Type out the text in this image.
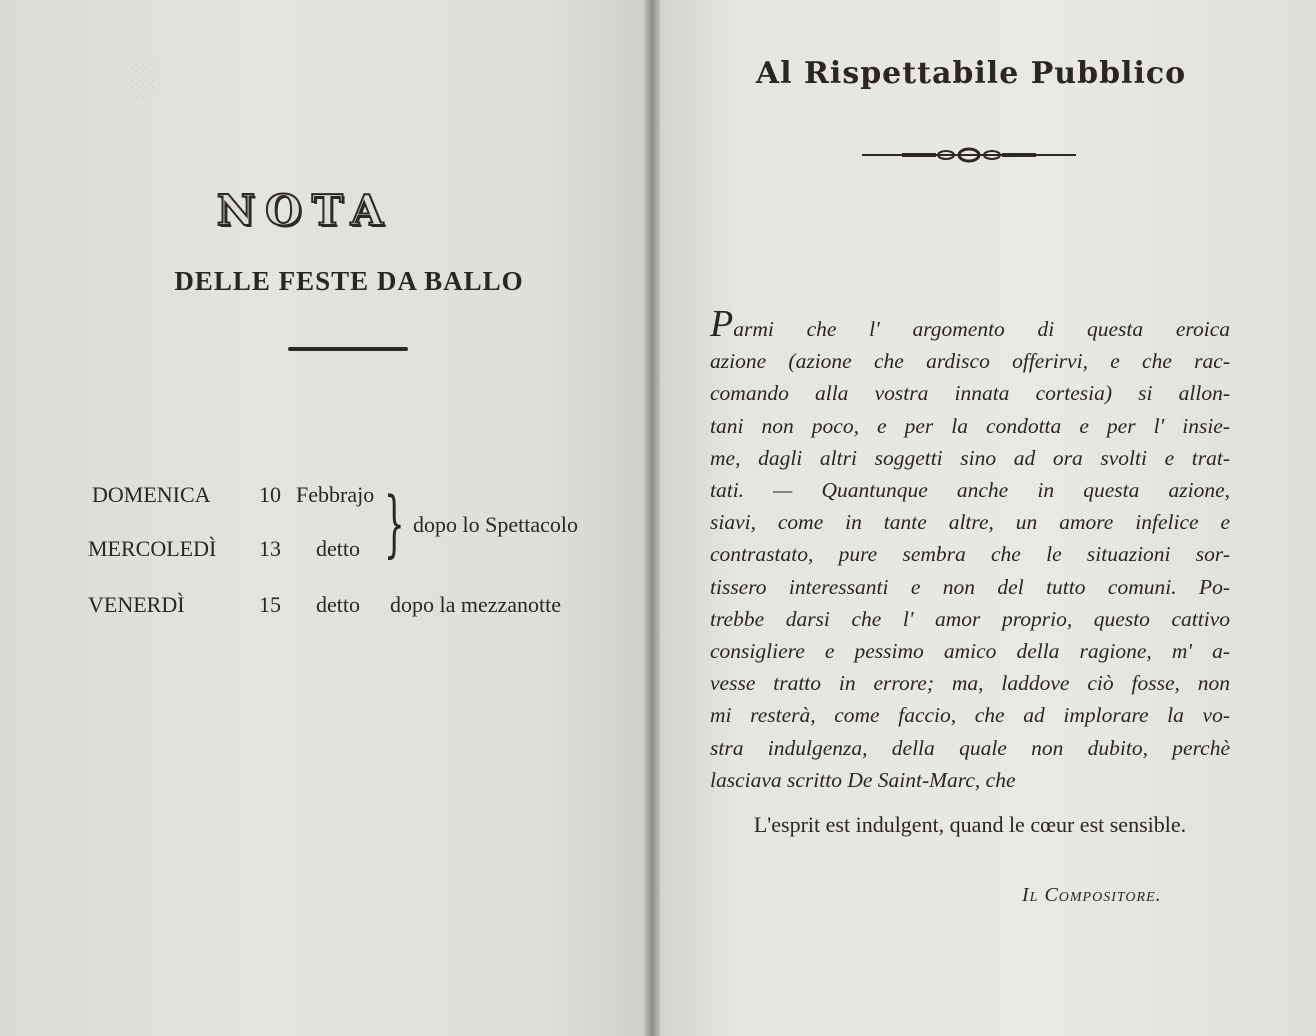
░
NOTA
DELLE FESTE DA BALLO
DOMENICA 10 Febbrajo
MERCOLEDÌ 13 detto
VENERDÌ	15 detto
} dopo lo Spettacolo
dopo la mezzanotte
Al Rispettabile Pubblico
Parmi che l' argomento di questa eroica
azione (azione che ardisco offerirvi, e che rac-
comando alla vostra innata cortesia) si allon-
tani non poco, e per la condotta e per l' insie-
me, dagli altri soggetti sino ad ora svolti e trat-
tati. — Quantunque anche in questa azione,
siavi, come in tante altre, un amore infelice e
contrastato, pure sembra che le situazioni sor-
tissero interessanti e non del tutto comuni. Po-
trebbe darsi che l' amor proprio, questo cattivo
consigliere e pessimo amico della ragione, m' a-
vesse tratto in errore; ma, laddove ciò fosse, non
mi resterà, come faccio, che ad implorare la vo-
stra indulgenza, della quale non dubito, perchè
lasciava scritto De Saint-Marc, che
L'esprit est indulgent, quand le cœur est sensible.
Il Compositore.
